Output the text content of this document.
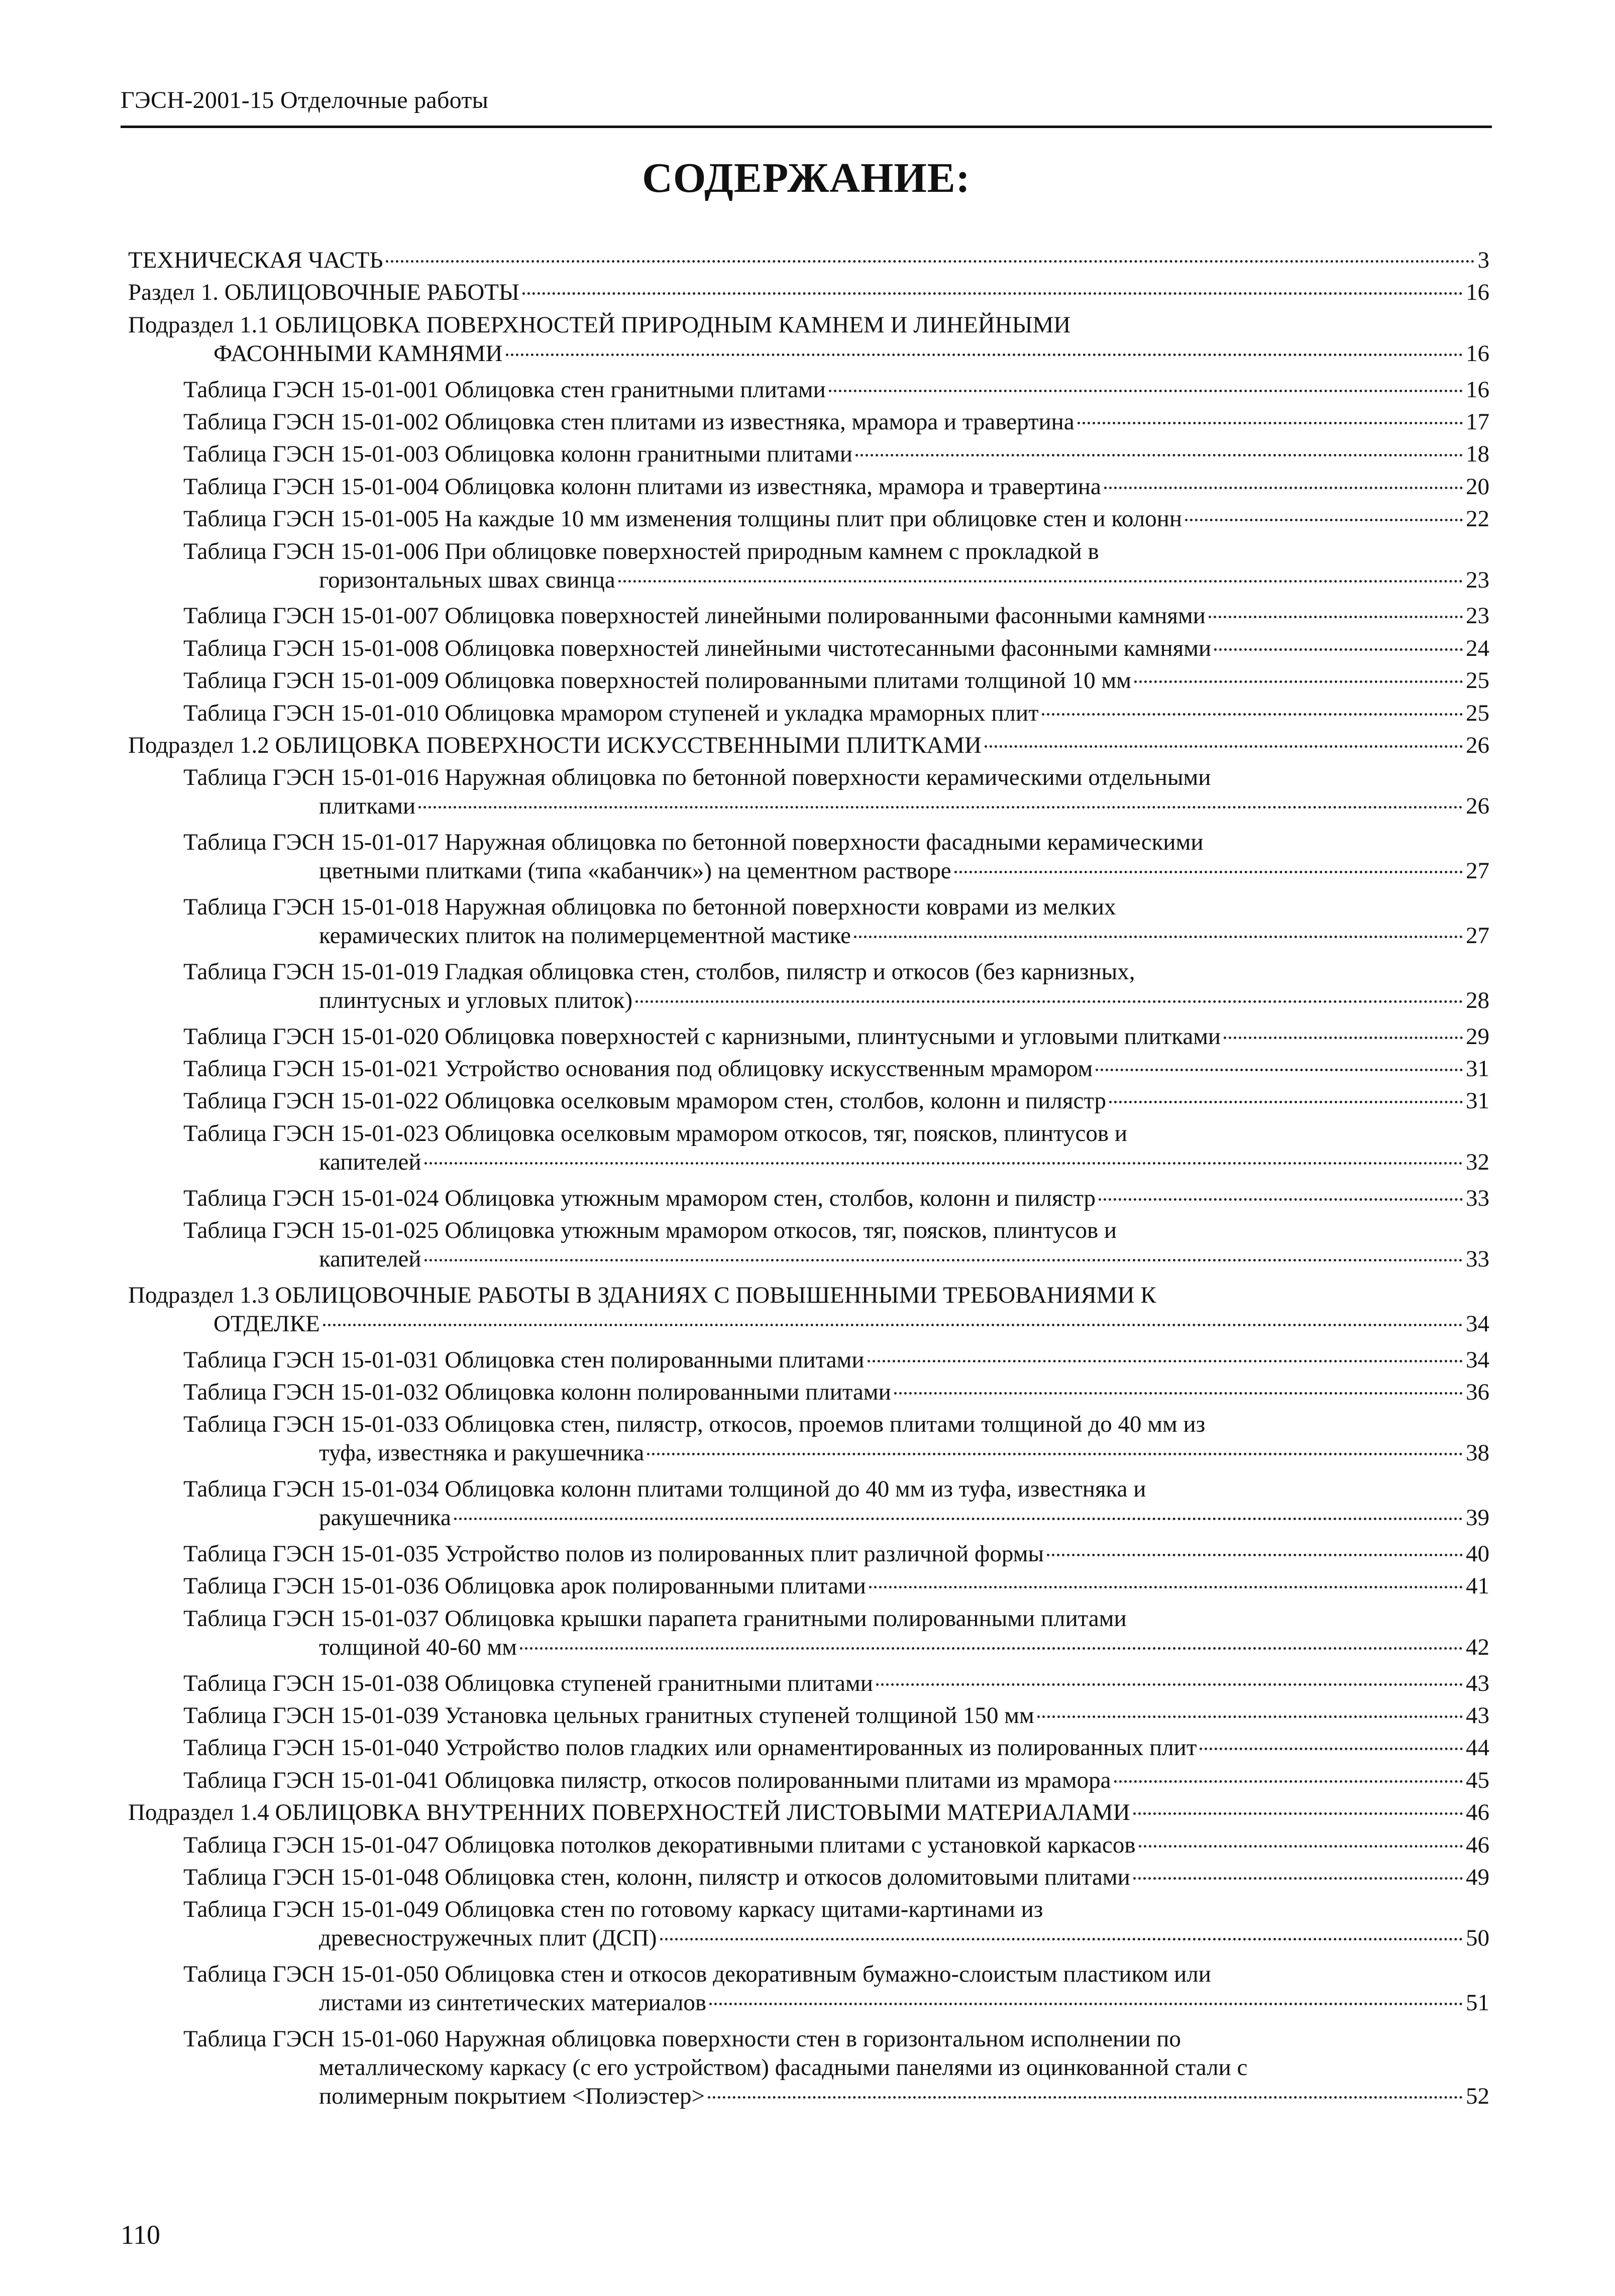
ГЭСН-2001-15 Отделочные работы
СОДЕРЖАНИЕ:
ТЕХНИЧЕСКАЯ ЧАСТЬ	3
Раздел 1. ОБЛИЦОВОЧНЫЕ РАБОТЫ	16
Подраздел 1.1 ОБЛИЦОВКА ПОВЕРХНОСТЕЙ ПРИРОДНЫМ КАМНЕМ И ЛИНЕЙНЫМИ
ФАСОННЫМИ КАМНЯМИ	16
Таблица ГЭСН 15-01-001 Облицовка стен гранитными плитами	16
Таблица ГЭСН 15-01-002 Облицовка стен плитами из известняка, мрамора и травертина	17
Таблица ГЭСН 15-01-003 Облицовка колонн гранитными плитами	18
Таблица ГЭСН 15-01-004 Облицовка колонн плитами из известняка, мрамора и травертина	20
Таблица ГЭСН 15-01-005 На каждые 10 мм изменения толщины плит при облицовке стен и колонн	22
Таблица ГЭСН 15-01-006 При облицовке поверхностей природным камнем с прокладкой в
горизонтальных швах свинца	23
Таблица ГЭСН 15-01-007 Облицовка поверхностей линейными полированными фасонными камнями	23
Таблица ГЭСН 15-01-008 Облицовка поверхностей линейными чистотесанными фасонными камнями	24
Таблица ГЭСН 15-01-009 Облицовка поверхностей полированными плитами толщиной 10 мм	25
Таблица ГЭСН 15-01-010 Облицовка мрамором ступеней и укладка мраморных плит	25
Подраздел 1.2 ОБЛИЦОВКА ПОВЕРХНОСТИ ИСКУССТВЕННЫМИ ПЛИТКАМИ	26
Таблица ГЭСН 15-01-016 Наружная облицовка по бетонной поверхности керамическими отдельными
плитками	26
Таблица ГЭСН 15-01-017 Наружная облицовка по бетонной поверхности фасадными керамическими
цветными плитками (типа «кабанчик») на цементном растворе	27
Таблица ГЭСН 15-01-018 Наружная облицовка по бетонной поверхности коврами из мелких
керамических плиток на полимерцементной мастике	27
Таблица ГЭСН 15-01-019 Гладкая облицовка стен, столбов, пилястр и откосов (без карнизных,
плинтусных и угловых плиток)	28
Таблица ГЭСН 15-01-020 Облицовка поверхностей с карнизными, плинтусными и угловыми плитками	29
Таблица ГЭСН 15-01-021 Устройство основания под облицовку искусственным мрамором	31
Таблица ГЭСН 15-01-022 Облицовка оселковым мрамором стен, столбов, колонн и пилястр	31
Таблица ГЭСН 15-01-023 Облицовка оселковым мрамором откосов, тяг, поясков, плинтусов и
капителей	32
Таблица ГЭСН 15-01-024 Облицовка утюжным мрамором стен, столбов, колонн и пилястр	33
Таблица ГЭСН 15-01-025 Облицовка утюжным мрамором откосов, тяг, поясков, плинтусов и
капителей	33
Подраздел 1.3 ОБЛИЦОВОЧНЫЕ РАБОТЫ В ЗДАНИЯХ С ПОВЫШЕННЫМИ ТРЕБОВАНИЯМИ К
ОТДЕЛКЕ	34
Таблица ГЭСН 15-01-031 Облицовка стен полированными плитами	34
Таблица ГЭСН 15-01-032 Облицовка колонн полированными плитами	36
Таблица ГЭСН 15-01-033 Облицовка стен, пилястр, откосов, проемов плитами толщиной до 40 мм из
туфа, известняка и ракушечника	38
Таблица ГЭСН 15-01-034 Облицовка колонн плитами толщиной до 40 мм из туфа, известняка и
ракушечника	39
Таблица ГЭСН 15-01-035 Устройство полов из полированных плит различной формы	40
Таблица ГЭСН 15-01-036 Облицовка арок полированными плитами	41
Таблица ГЭСН 15-01-037 Облицовка крышки парапета гранитными полированными плитами
толщиной 40-60 мм	42
Таблица ГЭСН 15-01-038 Облицовка ступеней гранитными плитами	43
Таблица ГЭСН 15-01-039 Установка цельных гранитных ступеней толщиной 150 мм	43
Таблица ГЭСН 15-01-040 Устройство полов гладких или орнаментированных из полированных плит	44
Таблица ГЭСН 15-01-041 Облицовка пилястр, откосов полированными плитами из мрамора	45
Подраздел 1.4 ОБЛИЦОВКА ВНУТРЕННИХ ПОВЕРХНОСТЕЙ ЛИСТОВЫМИ МАТЕРИАЛАМИ	46
Таблица ГЭСН 15-01-047 Облицовка потолков декоративными плитами с установкой каркасов	46
Таблица ГЭСН 15-01-048 Облицовка стен, колонн, пилястр и откосов доломитовыми плитами	49
Таблица ГЭСН 15-01-049 Облицовка стен по готовому каркасу щитами-картинами из
древесностружечных плит (ДСП)	50
Таблица ГЭСН 15-01-050 Облицовка стен и откосов декоративным бумажно-слоистым пластиком или
листами из синтетических материалов	51
Таблица ГЭСН 15-01-060 Наружная облицовка поверхности стен в горизонтальном исполнении по
металлическому каркасу (с его устройством) фасадными панелями из оцинкованной стали с
полимерным покрытием <Полиэстер>	52
110
